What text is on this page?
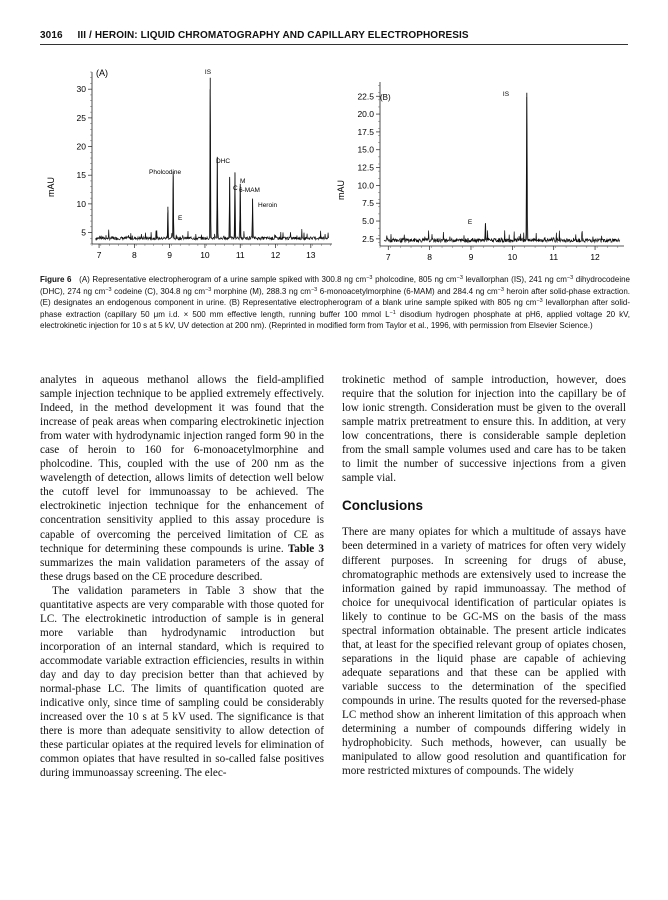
3016 III / HEROIN: LIQUID CHROMATOGRAPHY AND CAPILLARY ELECTROPHORESIS
mAU
(A)
30
25
20
15
10
5
7	8	9	10	11	12	13
IS
Pholcodine
DHC
C
M
6-MAM
Heroin
E
mAU
(B)
22.5
20.0
17.5
15.0
12.5
10.0
7.5
5.0
2.5
7	8	9	10	11	12
IS
E
Figure 6 (A) Representative electropherogram of a urine sample spiked with 300.8 ng $cm^{-3}$ pholcodine, 805 ng $cm^{-3}$ levallorphan (IS), 241 ng $cm^{-3}$ dihydrocodeine (DHC), 274 ng $cm^{-3}$ codeine (C), 304.8 ng $cm^{-3}$ morphine (M), 288.3 ng $cm^{-3}$ 6-monoacetylmorphine (6-MAM) and 284.4 ng $cm^{-3}$ heroin after solid-phase extraction. (E) designates an endogenous component in urine. (B) Representative electropherogram of a blank urine sample spiked with 805 ng $cm^{-3}$ levallorphan after solid-phase extraction (capillary 50 μm i.d. × 500 mm effective length, running buffer 100 mmol $L^{-1}$ disodium hydrogen phosphate at pH6, applied voltage 20 kV, electrokinetic injection for 10 s at 5 kV, UV detection at 200 nm). (Reprinted in modified form from Taylor et al., 1996, with permission from Elsevier Science.)

analytes in aqueous methanol allows the field-amplified sample injection technique to be applied extremely effectively. Indeed, in the method development it was found that the increase of peak areas when comparing electrokinetic injection from water with hydrodynamic injection ranged form 90 in the case of heroin to 160 for 6-monoacetylmorphine and pholcodine. This, coupled with the use of 200 nm as the wavelength of detection, allows limits of detection well below the cutoff level for immunoassay to be achieved. The electrokinetic injection technique for the enhancement of concentration sensitivity applied to this assay procedure is capable of overcoming the perceived limitation of CE as technique for determining these compounds is urine. Table 3 summarizes the main validation parameters of the assay of these drugs based on the CE procedure described.

The validation parameters in Table 3 show that the quantitative aspects are very comparable with those quoted for LC. The electrokinetic introduction of sample is in general more variable than hydrodynamic introduction but incorporation of an internal standard, which is required to accommodate variable extraction efficiencies, results in within day and day to day precision better than that achieved by normal-phase LC. The limits of quantification quoted are indicative only, since time of sampling could be considerably increased over the 10 s at 5 kV used. The significance is that there is more than adequate sensitivity to allow detection of these particular opiates at the required levels for elimination of common opiates that have resulted in so-called false positives during immunoassay screening. The elec-

trokinetic method of sample introduction, however, does require that the solution for injection into the capillary be of low ionic strength. Consideration must be given to the overall sample matrix pretreatment to ensure this. In addition, at very low concentrations, there is considerable sample depletion from the small sample volumes used and care has to be taken to limit the number of successive injections from a given sample vial.

Conclusions

There are many opiates for which a multitude of assays have been determined in a variety of matrices for often very widely different purposes. In screening for drugs of abuse, chromatographic methods are extensively used to increase the information gained by rapid immunoassay. The method of choice for unequivocal identification of particular opiates is likely to continue to be GC-MS on the basis of the mass spectral information obtainable. The present article indicates that, at least for the specified relevant group of opiates chosen, separations in the liquid phase are capable of achieving adequate separations and that these can be applied with variable success to the determination of the specified compounds in urine. The results quoted for the reversed-phase LC method show an inherent limitation of this approach when determining a number of compounds differing widely in hydrophobicity. Such methods, however, can usually be manipulated to allow good resolution and quantification for more restricted mixtures of compounds. The widely
